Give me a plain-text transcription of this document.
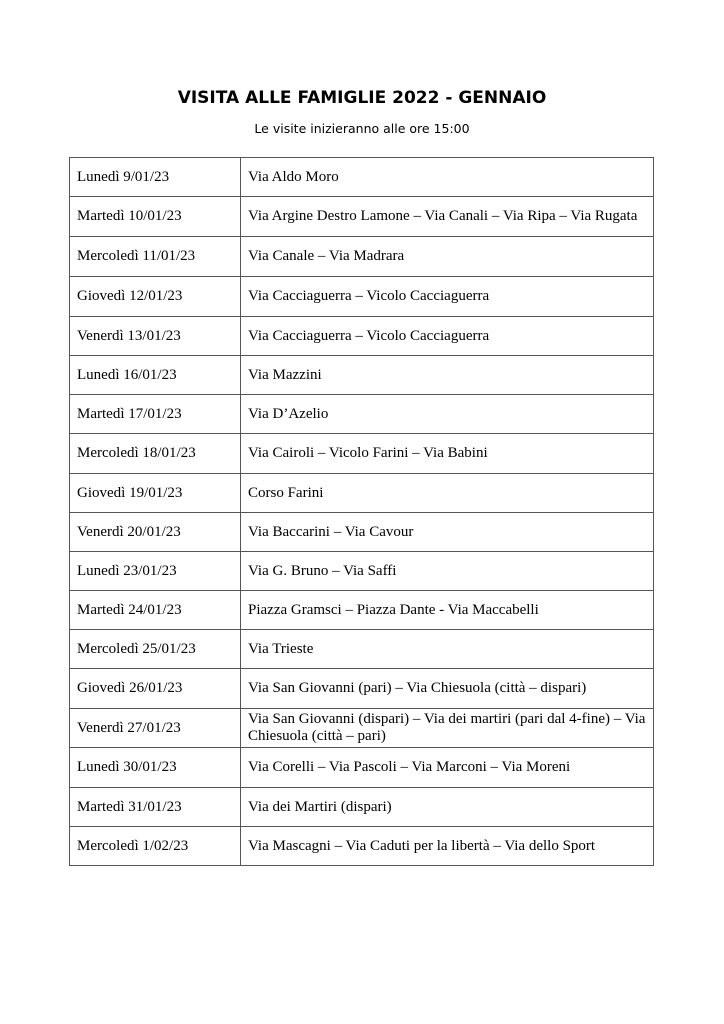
VISITA ALLE FAMIGLIE 2022 - GENNAIO
Le visite inizieranno alle ore 15:00
Lunedì 9/01/23	Via Aldo Moro
Martedì 10/01/23	Via Argine Destro Lamone – Via Canali – Via Ripa – Via Rugata
Mercoledì 11/01/23	Via Canale – Via Madrara
Giovedì 12/01/23	Via Cacciaguerra – Vicolo Cacciaguerra
Venerdì 13/01/23	Via Cacciaguerra – Vicolo Cacciaguerra
Lunedì 16/01/23	Via Mazzini
Martedì 17/01/23	Via D’Azelio
Mercoledì 18/01/23	Via Cairoli – Vicolo Farini – Via Babini
Giovedì 19/01/23	Corso Farini
Venerdì 20/01/23	Via Baccarini – Via Cavour
Lunedì 23/01/23	Via G. Bruno – Via Saffi
Martedì 24/01/23	Piazza Gramsci – Piazza Dante - Via Maccabelli
Mercoledì 25/01/23	Via Trieste
Giovedì 26/01/23	Via San Giovanni (pari) – Via Chiesuola (città – dispari)
Venerdì 27/01/23	Via San Giovanni (dispari) – Via dei martiri (pari dal 4-fine) – Via Chiesuola (città – pari)
Lunedì 30/01/23	Via Corelli – Via Pascoli – Via Marconi – Via Moreni
Martedì 31/01/23	Via dei Martiri (dispari)
Mercoledì 1/02/23	Via Mascagni – Via Caduti per la libertà – Via dello Sport
